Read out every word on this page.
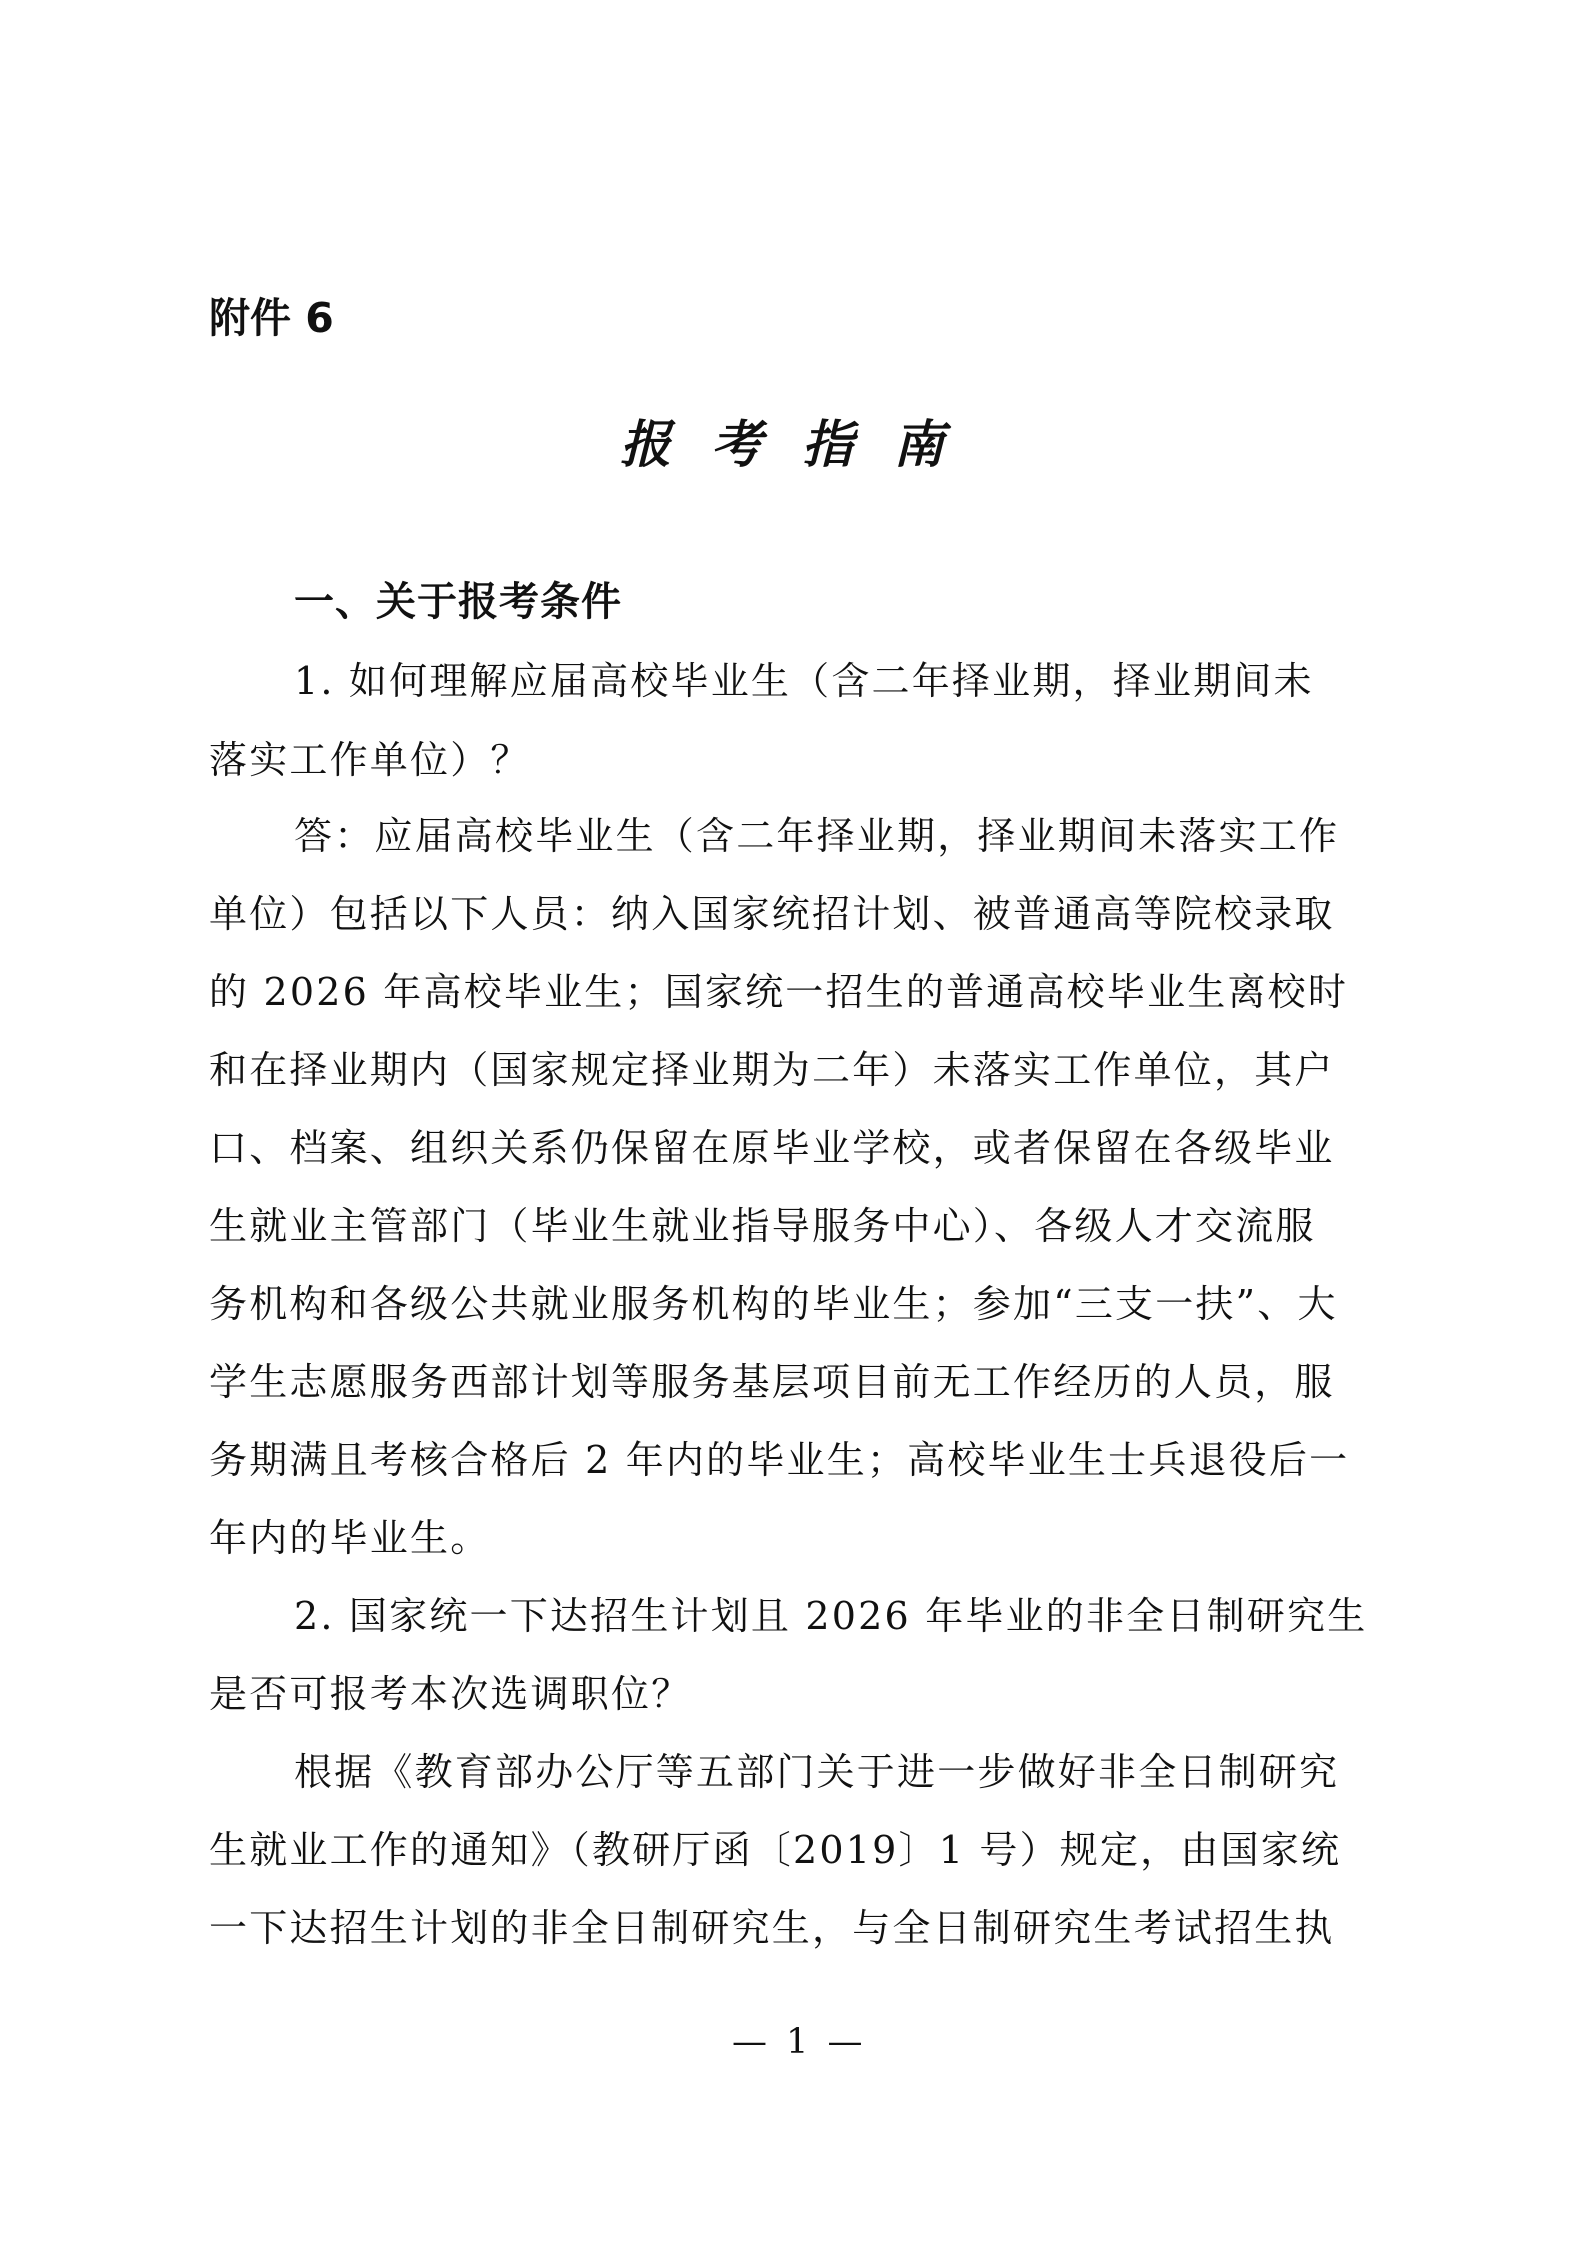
附件 6
报考指南
一、关于报考条件
1. 如何理解应届高校毕业生（含二年择业期，择业期间未
落实工作单位）？
答：应届高校毕业生（含二年择业期，择业期间未落实工作
单位）包括以下人员：纳入国家统招计划、被普通高等院校录取
的 2026 年高校毕业生；国家统一招生的普通高校毕业生离校时
和在择业期内（国家规定择业期为二年）未落实工作单位，其户
口、档案、组织关系仍保留在原毕业学校，或者保留在各级毕业
生就业主管部门（毕业生就业指导服务中心）、各级人才交流服
务机构和各级公共就业服务机构的毕业生；参加“三支一扶”、大
学生志愿服务西部计划等服务基层项目前无工作经历的人员，服
务期满且考核合格后 2 年内的毕业生；高校毕业生士兵退役后一
年内的毕业生。
2. 国家统一下达招生计划且 2026 年毕业的非全日制研究生
是否可报考本次选调职位？
根据《教育部办公厅等五部门关于进一步做好非全日制研究
生就业工作的通知》（教研厅函〔2019〕1 号）规定，由国家统
一下达招生计划的非全日制研究生，与全日制研究生考试招生执
— 1 —
